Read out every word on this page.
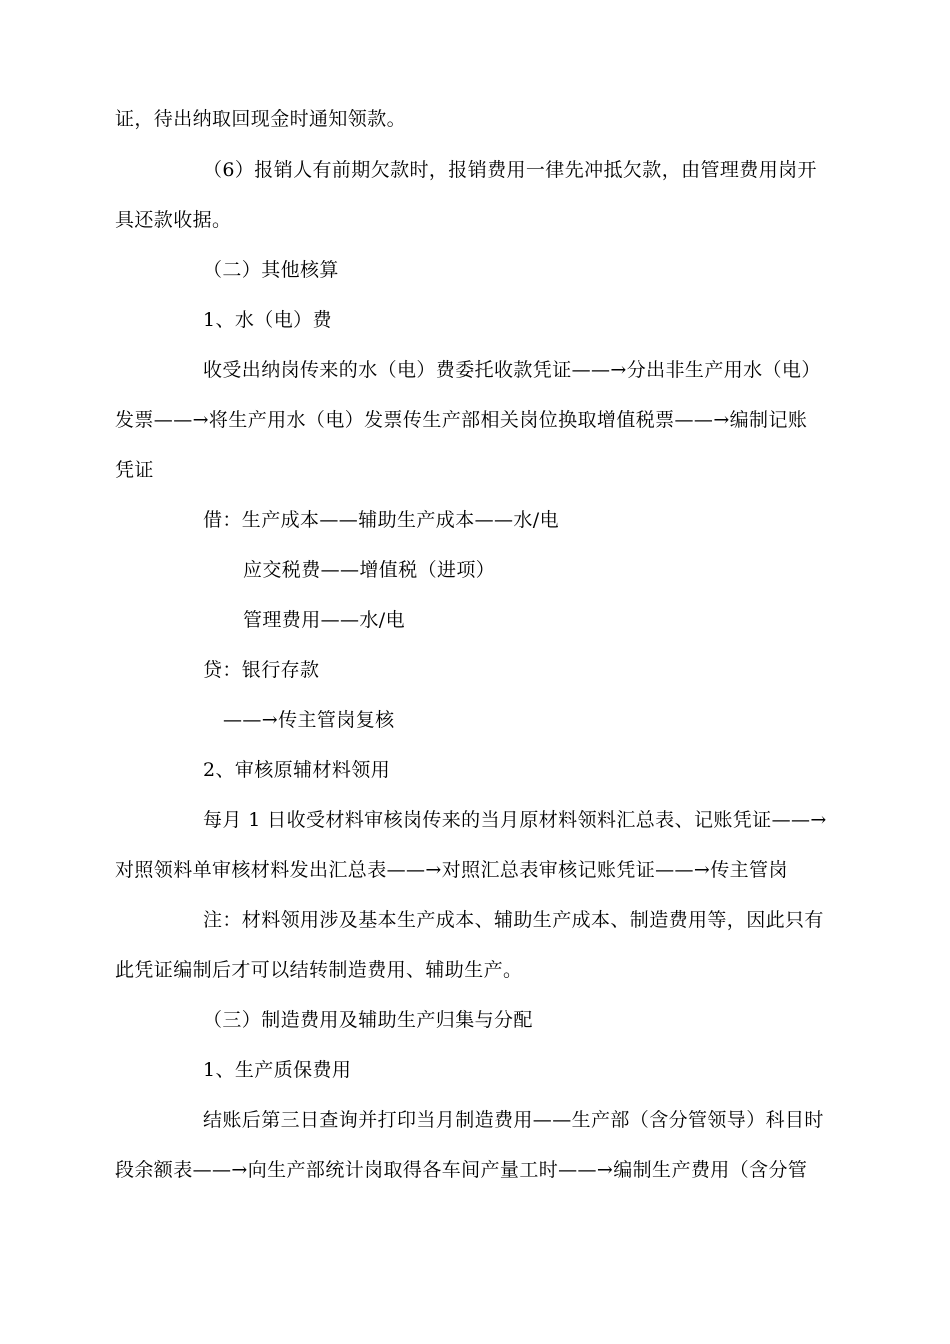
证，待出纳取回现金时通知领款。
（6）报销人有前期欠款时，报销费用一律先冲抵欠款，由管理费用岗开
具还款收据。
（二）其他核算
1、水（电）费
收受出纳岗传来的水（电）费委托收款凭证——→分出非生产用水（电）
发票——→将生产用水（电）发票传生产部相关岗位换取增值税票——→编制记账
凭证
借：生产成本——辅助生产成本——水/电
应交税费——增值税（进项）
管理费用——水/电
贷：银行存款
——→传主管岗复核
2、审核原辅材料领用
每月 1 日收受材料审核岗传来的当月原材料领料汇总表、记账凭证——→
对照领料单审核材料发出汇总表——→对照汇总表审核记账凭证——→传主管岗
注：材料领用涉及基本生产成本、辅助生产成本、制造费用等，因此只有
此凭证编制后才可以结转制造费用、辅助生产。
（三）制造费用及辅助生产归集与分配
1、生产质保费用
结账后第三日查询并打印当月制造费用——生产部（含分管领导）科目时
段余额表——→向生产部统计岗取得各车间产量工时——→编制生产费用（含分管
